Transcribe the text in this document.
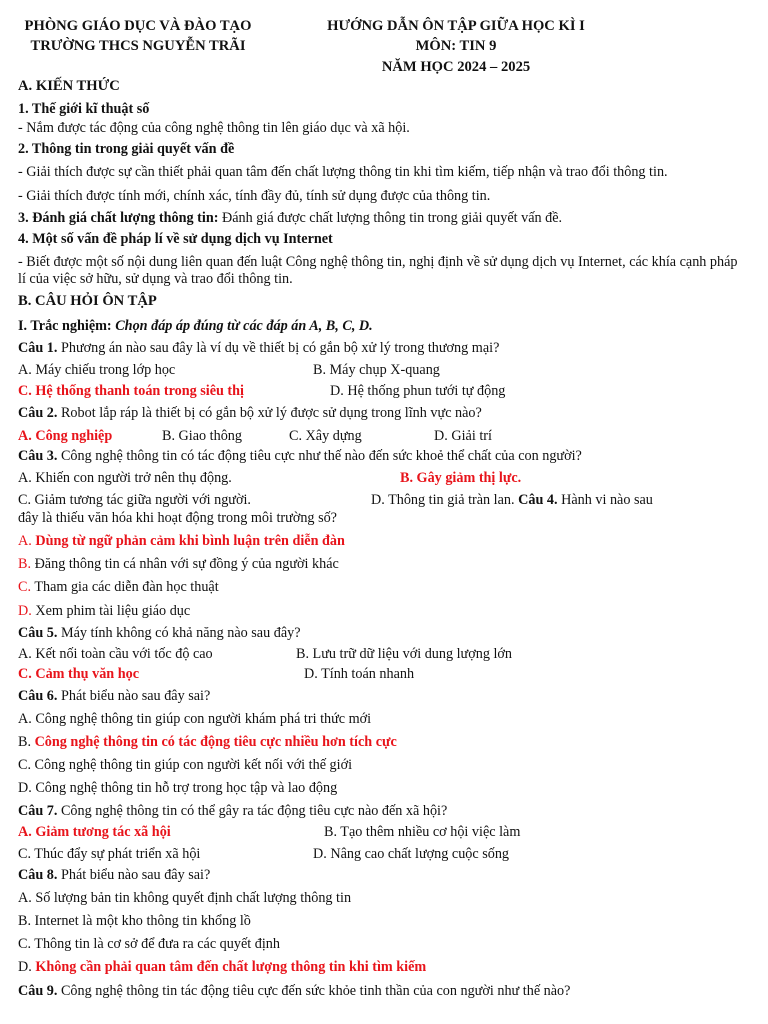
PHÒNG GIÁO DỤC VÀ ĐÀO TẠO
TRƯỜNG THCS NGUYỄN TRÃI
HƯỚNG DẪN ÔN TẬP GIỮA HỌC KÌ I
MÔN: TIN 9
NĂM HỌC 2024 – 2025
A. KIẾN THỨC
1. Thế giới kĩ thuật số
- Nắm được tác động của công nghệ thông tin lên giáo dục và xã hội.
2. Thông tin trong giải quyết vấn đề
- Giải thích được sự cần thiết phải quan tâm đến chất lượng thông tin khi tìm kiếm, tiếp nhận và trao đổi thông tin.
- Giải thích được tính mới, chính xác, tính đầy đủ, tính sử dụng được của thông tin.
3. Đánh giá chất lượng thông tin: Đánh giá được chất lượng thông tin trong giải quyết vấn đề.
4. Một số vấn đề pháp lí về sử dụng dịch vụ Internet
- Biết được một số nội dung liên quan đến luật Công nghệ thông tin, nghị định về sử dụng dịch vụ Internet, các khía cạnh pháp lí của việc sở hữu, sử dụng và trao đổi thông tin.
B. CÂU HỎI ÔN TẬP
I. Trắc nghiệm: Chọn đáp áp đúng từ các đáp án A, B, C, D.
Câu 1. Phương án nào sau đây là ví dụ về thiết bị có gắn bộ xử lý trong thương mại?
A. Máy chiếu trong lớp học	B. Máy chụp X-quang
C. Hệ thống thanh toán trong siêu thị	D. Hệ thống phun tưới tự động
Câu 2. Robot lắp ráp là thiết bị có gắn bộ xử lý được sử dụng trong lĩnh vực nào?
A. Công nghiệp	B. Giao thông	C. Xây dựng	D. Giải trí
Câu 3. Công nghệ thông tin có tác động tiêu cực như thế nào đến sức khoẻ thể chất của con người?
A. Khiến con người trở nên thụ động.	B. Gây giảm thị lực.
C. Giảm tương tác giữa người với người.	D. Thông tin giả tràn lan. Câu 4. Hành vi nào sau
đây là thiếu văn hóa khi hoạt động trong môi trường số?
A. Dùng từ ngữ phản cảm khi bình luận trên diễn đàn
B. Đăng thông tin cá nhân với sự đồng ý của người khác
C. Tham gia các diễn đàn học thuật
D. Xem phim tài liệu giáo dục
Câu 5. Máy tính không có khả năng nào sau đây?
A. Kết nối toàn cầu với tốc độ cao	B. Lưu trữ dữ liệu với dung lượng lớn
C. Cảm thụ văn học	D. Tính toán nhanh
Câu 6. Phát biểu nào sau đây sai?
A. Công nghệ thông tin giúp con người khám phá tri thức mới
B. Công nghệ thông tin có tác động tiêu cực nhiều hơn tích cực
C. Công nghệ thông tin giúp con người kết nối với thế giới
D. Công nghệ thông tin hỗ trợ trong học tập và lao động
Câu 7. Công nghệ thông tin có thể gây ra tác động tiêu cực nào đến xã hội?
A. Giảm tương tác xã hội	B. Tạo thêm nhiều cơ hội việc làm
C. Thúc đẩy sự phát triển xã hội	D. Nâng cao chất lượng cuộc sống
Câu 8. Phát biểu nào sau đây sai?
A. Số lượng bản tin không quyết định chất lượng thông tin
B. Internet là một kho thông tin khổng lồ
C. Thông tin là cơ sở để đưa ra các quyết định
D. Không cần phải quan tâm đến chất lượng thông tin khi tìm kiếm
Câu 9. Công nghệ thông tin tác động tiêu cực đến sức khỏe tinh thần của con người như thế nào?
